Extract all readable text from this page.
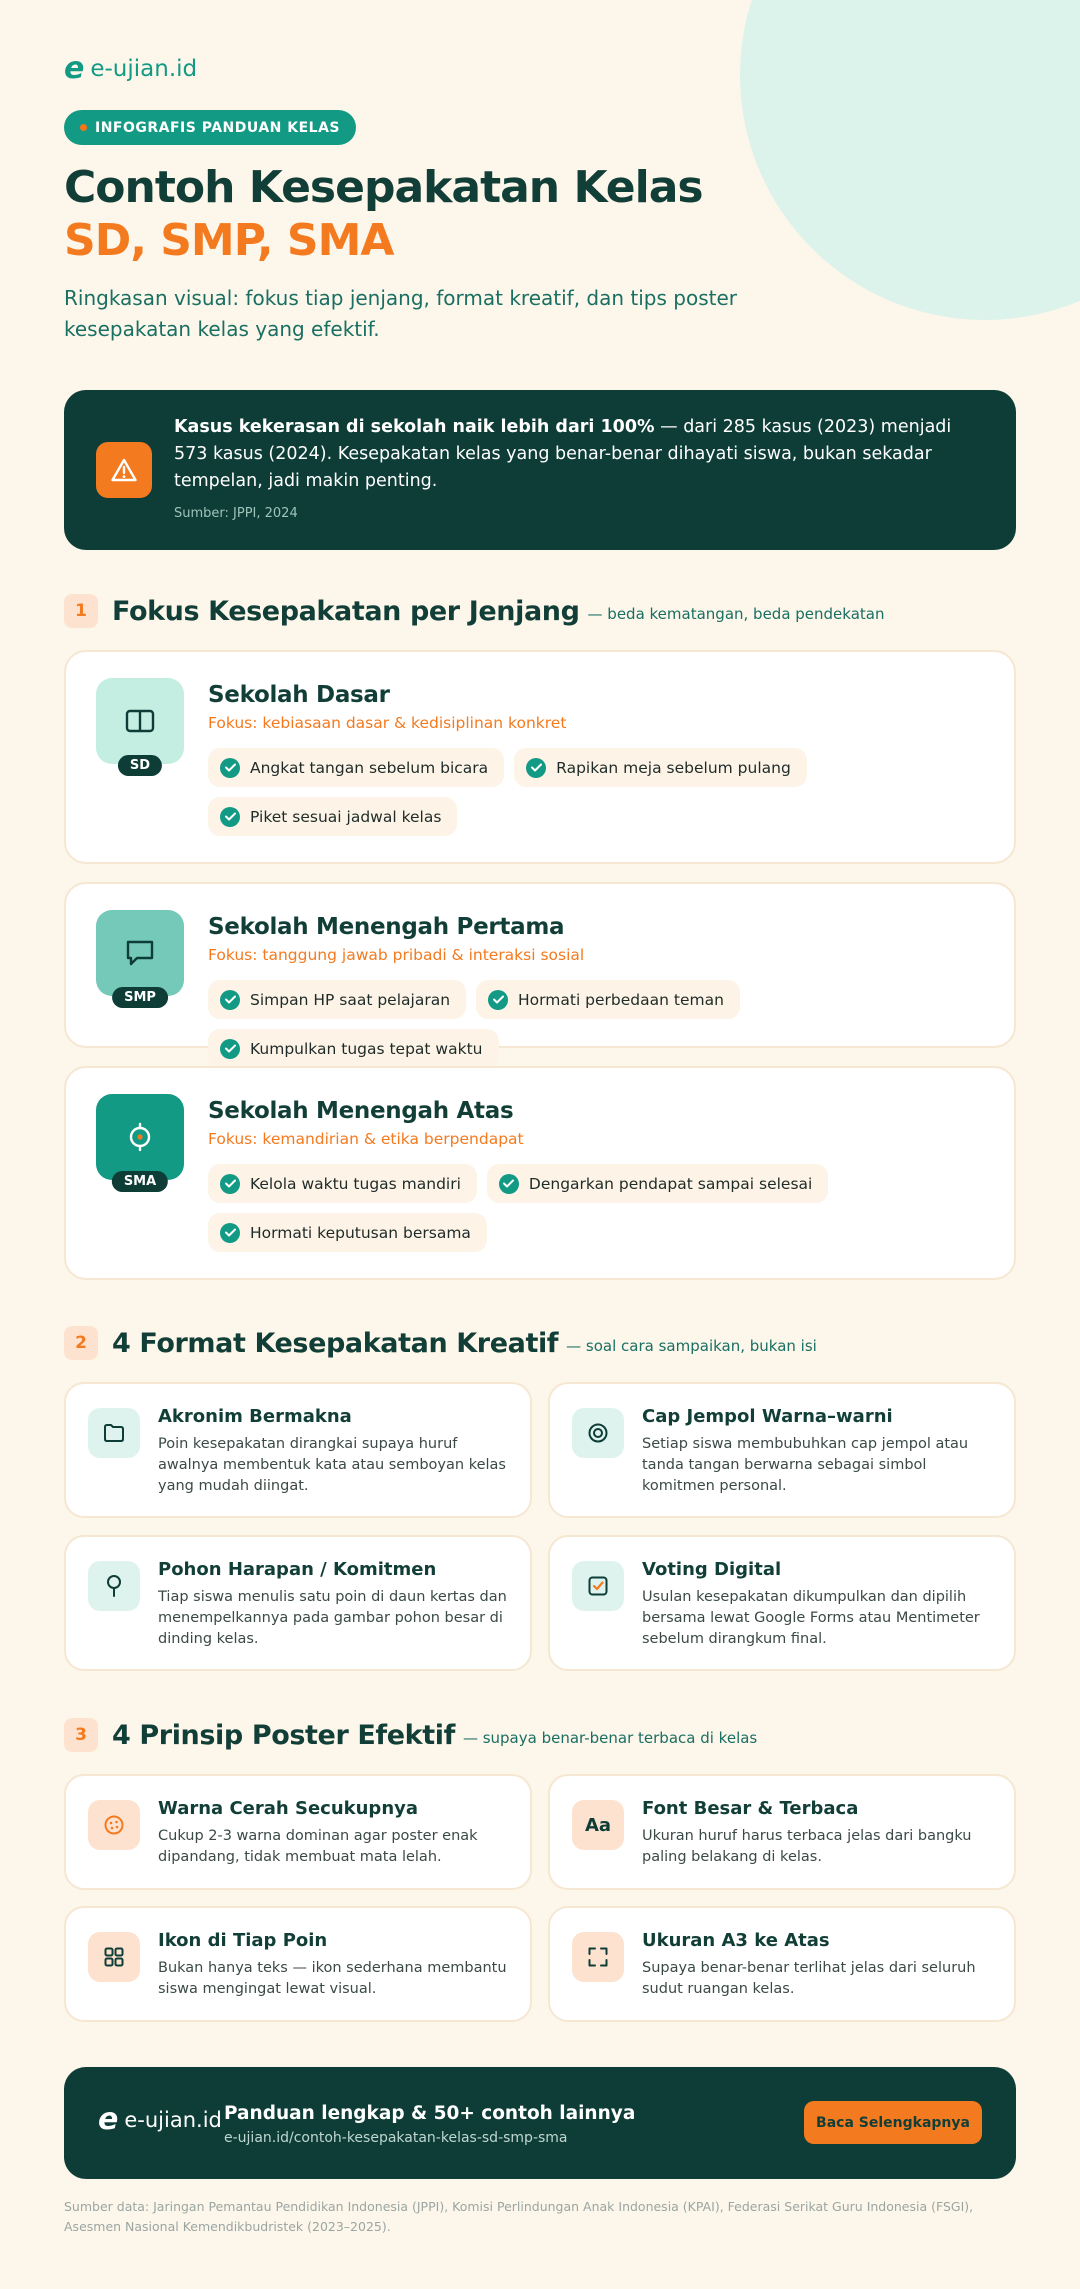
e e-ujian.id
INFOGRAFIS PANDUAN KELAS
Contoh Kesepakatan Kelas
SD, SMP, SMA
Ringkasan visual: fokus tiap jenjang, format kreatif, dan tips poster kesepakatan kelas yang efektif.
Kasus kekerasan di sekolah naik lebih dari 100% — dari 285 kasus (2023) menjadi 573 kasus (2024). Kesepakatan kelas yang benar-benar dihayati siswa, bukan sekadar tempelan, jadi makin penting.
Sumber: JPPI, 2024
1 Fokus Kesepakatan per Jenjang — beda kematangan, beda pendekatan
SD
Sekolah Dasar
Fokus: kebiasaan dasar & kedisiplinan konkret
Angkat tangan sebelum bicara	Rapikan meja sebelum pulang
Piket sesuai jadwal kelas
SMP
Sekolah Menengah Pertama
Fokus: tanggung jawab pribadi & interaksi sosial
Simpan HP saat pelajaran	Hormati perbedaan teman
Kumpulkan tugas tepat waktu
SMA
Sekolah Menengah Atas
Fokus: kemandirian & etika berpendapat
Kelola waktu tugas mandiri	Dengarkan pendapat sampai selesai
Hormati keputusan bersama
2 4 Format Kesepakatan Kreatif — soal cara sampaikan, bukan isi
Akronim Bermakna
Poin kesepakatan dirangkai supaya huruf awalnya membentuk kata atau semboyan kelas yang mudah diingat.
Cap Jempol Warna–warni
Setiap siswa membubuhkan cap jempol atau tanda tangan berwarna sebagai simbol komitmen personal.
Pohon Harapan / Komitmen
Tiap siswa menulis satu poin di daun kertas dan menempelkannya pada gambar pohon besar di dinding kelas.
Voting Digital
Usulan kesepakatan dikumpulkan dan dipilih bersama lewat Google Forms atau Mentimeter sebelum dirangkum final.
3 4 Prinsip Poster Efektif — supaya benar-benar terbaca di kelas
Warna Cerah Secukupnya
Cukup 2-3 warna dominan agar poster enak dipandang, tidak membuat mata lelah.
Aa
Font Besar & Terbaca
Ukuran huruf harus terbaca jelas dari bangku paling belakang di kelas.
Ikon di Tiap Poin
Bukan hanya teks — ikon sederhana membantu siswa mengingat lewat visual.
Ukuran A3 ke Atas
Supaya benar-benar terlihat jelas dari seluruh sudut ruangan kelas.
e e-ujian.id Panduan lengkap & 50+ contoh lainnya
e-ujian.id/contoh-kesepakatan-kelas-sd-smp-sma
Baca Selengkapnya
Sumber data: Jaringan Pemantau Pendidikan Indonesia (JPPI), Komisi Perlindungan Anak Indonesia (KPAI), Federasi Serikat Guru Indonesia (FSGI), Asesmen Nasional Kemendikbudristek (2023–2025).
